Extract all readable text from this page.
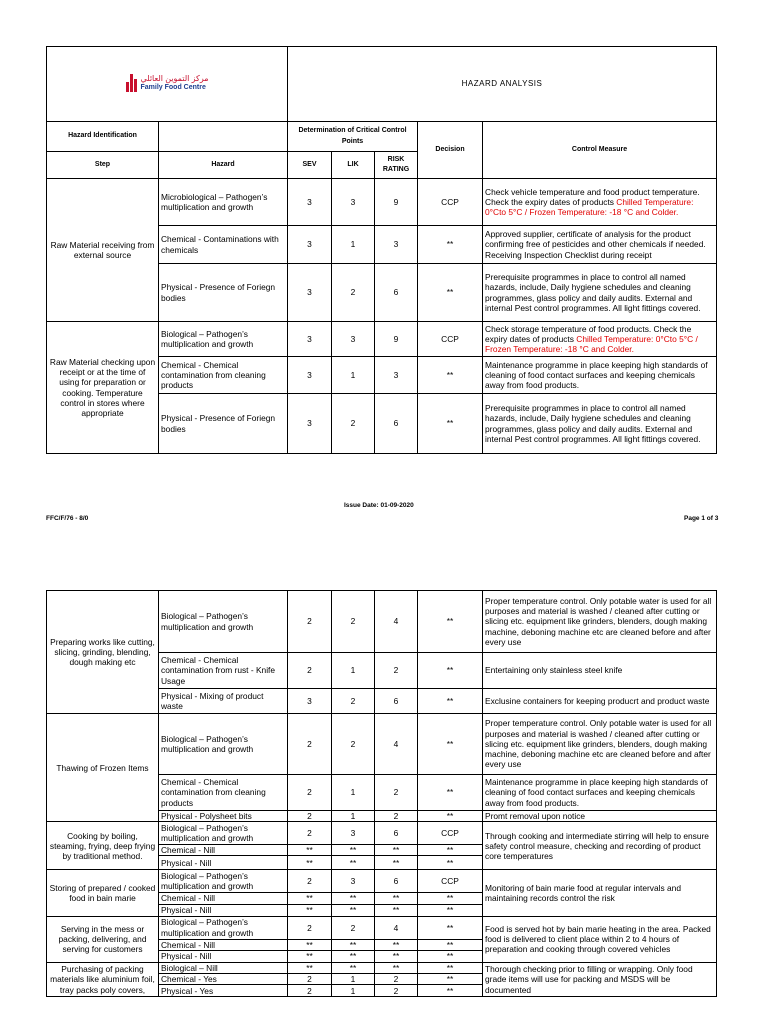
مركز التموين العائلي
Family Food Centre		HAZARD ANALYSIS				
Hazard Identification		Determination of Critical Control Points			Decision	Control Measure
Step	Hazard	SEV	LIK	RISK RATING		
Raw Material receiving from external source	Microbiological – Pathogen’s multiplication and growth	3	3	9	CCP	Check vehicle temperature and food product temperature. Check the expiry dates of products Chilled Temperature: 0°Cto 5°C / Frozen Temperature: -18 °C and Colder.
	Chemical - Contaminations with chemicals	3	1	3	**	Approved supplier, certificate of analysis for the product confirming free of pesticides and other chemicals if needed. Receiving Inspection Checklist during receipt
	Physical - Presence of Foriegn bodies	3	2	6	**	Prerequisite programmes in place to control all named hazards, include, Daily hygiene schedules and cleaning programmes, glass policy and daily audits. External and internal Pest control programmes. All light fittings covered.
Raw Material checking upon receipt or at the time of using for preparation or cooking. Temperature control in stores where appropriate	Biological – Pathogen’s multiplication and growth	3	3	9	CCP	Check storage temperature of food products. Check the expiry dates of products Chilled Temperature: 0°Cto 5°C / Frozen Temperature: -18 °C and Colder.
	Chemical - Chemical contamination from cleaning products	3	1	3	**	Maintenance programme in place keeping high standards of cleaning of food contact surfaces and keeping chemicals away from food products.
	Physical - Presence of Foriegn bodies	3	2	6	**	Prerequisite programmes in place to control all named hazards, include, Daily hygiene schedules and cleaning programmes, glass policy and daily audits. External and internal Pest control programmes. All light fittings covered.
Issue Date: 01-09-2020
FFC/F/76 - 8/0	Page 1 of 3
Preparing works like cutting, slicing, grinding, blending, dough making etc	Biological – Pathogen’s multiplication and growth	2	2	4	**	Proper temperature control. Only potable water is used for all purposes and material is washed / cleaned after cutting or slicing etc. equipment like grinders, blenders, dough making machine, deboning machine etc are cleaned before and after every use
	Chemical - Chemical contamination from rust - Knife Usage	2	1	2	**	Entertaining only stainless steel knife
	Physical - Mixing of product waste	3	2	6	**	Exclusine containers for keeping producrt and product waste
Thawing of Frozen Items	Biological – Pathogen’s multiplication and growth	2	2	4	**	Proper temperature control. Only potable water is used for all purposes and material is washed / cleaned after cutting or slicing etc. equipment like grinders, blenders, dough making machine, deboning machine etc are cleaned before and after every use
	Chemical - Chemical contamination from cleaning products	2	1	2	**	Maintenance programme in place keeping high standards of cleaning of food contact surfaces and keeping chemicals away from food products.
	Physical - Polysheet bits	2	1	2	**	Promt removal upon notice
Cooking by boiling, steaming, frying, deep frying by traditional method.	Biological – Pathogen’s multiplication and growth	2	3	6	CCP	Through cooking and intermediate stirring will help to ensure safety control measure, checking and recording of product core temperatures
	Chemical - Nill	**	**	**	**	
	Physical - Nill	**	**	**	**	
Storing of prepared / cooked food in bain marie	Biological – Pathogen’s multiplication and growth	2	3	6	CCP	Monitoring of bain marie food at regular intervals and maintaining records control the risk
	Chemical - Nill	**	**	**	**	
	Physical - Nill	**	**	**	**	
Serving in the mess or packing, delivering, and serving for customers	Biological – Pathogen’s multiplication and growth	2	2	4	**	Food is served hot by bain marie heating in the area. Packed food is delivered to client place within 2 to 4 hours of preparation and cooking through covered vehicles
	Chemical - Nill	**	**	**	**	
	Physical - Nill	**	**	**	**	
Purchasing of packing materials like aluminium foil, tray packs poly covers,	Biological – Nill	**	**	**	**	Thorough checking prior to filling or wrapping. Only food grade items will use for packing and MSDS will be documented
	Chemical - Yes	2	1	2	**	
	Physical - Yes	2	1	2	**	
